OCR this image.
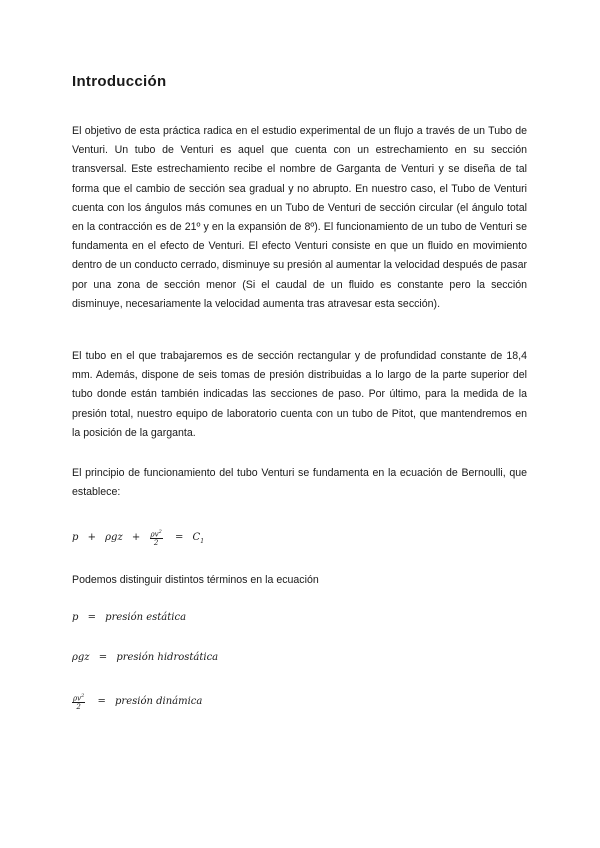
Introducción

El objetivo de esta práctica radica en el estudio experimental de un flujo a través de un Tubo de Venturi. Un tubo de Venturi es aquel que cuenta con un estrechamiento en su sección transversal. Este estrechamiento recibe el nombre de Garganta de Venturi y se diseña de tal forma que el cambio de sección sea gradual y no abrupto. En nuestro caso, el Tubo de Venturi cuenta con los ángulos más comunes en un Tubo de Venturi de sección circular (el ángulo total en la contracción es de 21º y en la expansión de 8º). El funcionamiento de un tubo de Venturi se fundamenta en el efecto de Venturi. El efecto Venturi consiste en que un fluido en movimiento dentro de un conducto cerrado, disminuye su presión al aumentar la velocidad después de pasar por una zona de sección menor (Si el caudal de un fluido es constante pero la sección disminuye, necesariamente la velocidad aumenta tras atravesar esta sección).

El tubo en el que trabajaremos es de sección rectangular y de profundidad constante de 18,4 mm. Además, dispone de seis tomas de presión distribuidas a lo largo de la parte superior del tubo donde están también indicadas las secciones de paso. Por último, para la medida de la presión total, nuestro equipo de laboratorio cuenta con un tubo de Pitot, que mantendremos en la posición de la garganta.

El principio de funcionamiento del tubo Venturi se fundamenta en la ecuación de Bernoulli, que establece:

$p + \rho gz + \frac{\rho v^2}{2} = C_1$

Podemos distinguir distintos términos en la ecuación

p = presión estática
ρgz = presión hidrostática
$\frac{\rho v^2}{2}$ = presión dinámica
